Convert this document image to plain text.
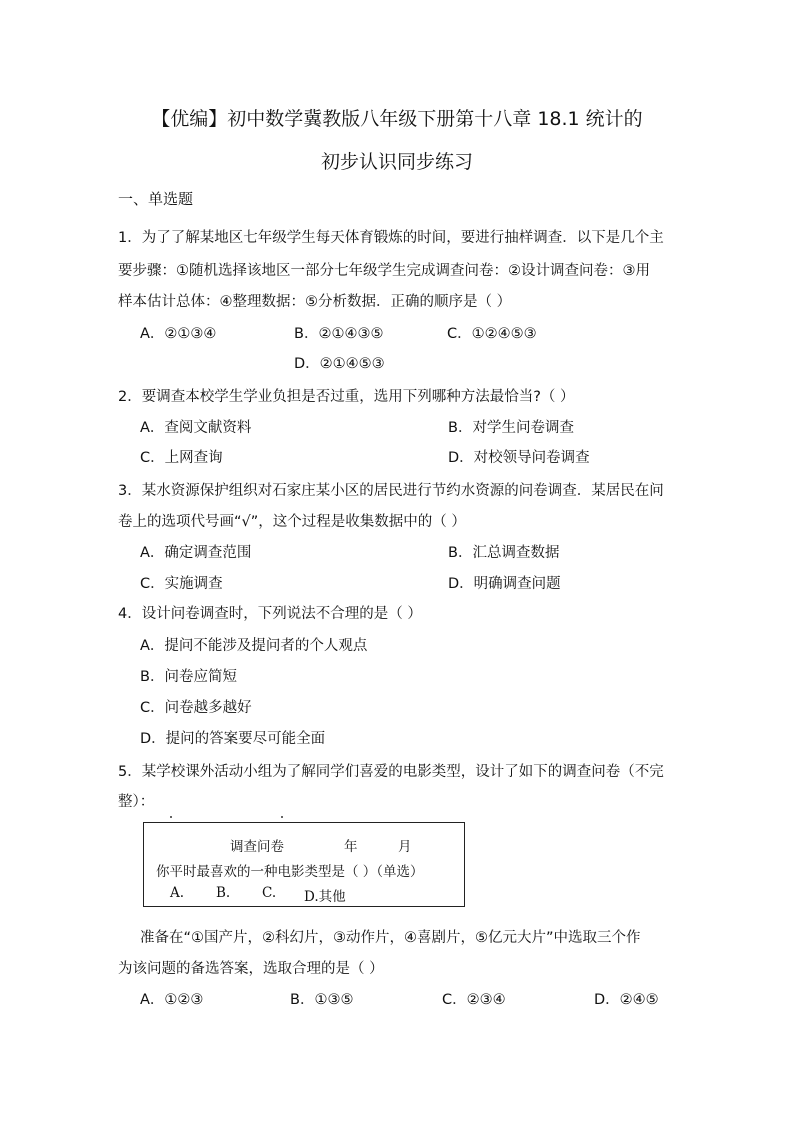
【优编】初中数学冀教版八年级下册第十八章 18.1 统计的
初步认识同步练习
一、单选题
1．为了了解某地区七年级学生每天体育锻炼的时间，要进行抽样调查．以下是几个主
要步骤：①随机选择该地区一部分七年级学生完成调查问卷：②设计调查问卷：③用
样本估计总体：④整理数据：⑤分析数据．正确的顺序是（ ）
A．②①③④	B．②①④③⑤	C．①②④⑤③
D．②①④⑤③
2．要调查本校学生学业负担是否过重，选用下列哪种方法最恰当?（ ）
A．查阅文献资料	B．对学生问卷调查
C．上网查询	D．对校领导问卷调查
3．某水资源保护组织对石家庄某小区的居民进行节约水资源的问卷调查．某居民在问
卷上的选项代号画“√”，这个过程是收集数据中的（ ）
A．确定调查范围	B．汇总调查数据
C．实施调查	D．明确调查问题
4．设计问卷调查时，下列说法不合理的是（ ）
A．提问不能涉及提问者的个人观点
B．问卷应简短
C．问卷越多越好
D．提问的答案要尽可能全面
5．某学校课外活动小组为了解同学们喜爱的电影类型，设计了如下的调查问卷（不完
整）：
调查问卷	年	月
你平时最喜欢的一种电影类型是（ ）（单选）
A. B. C. D.其他
准备在“①国产片，②科幻片，③动作片，④喜剧片，⑤亿元大片”中选取三个作
为该问题的备选答案，选取合理的是（ ）
A．①②③	B．①③⑤	C．②③④	D．②④⑤
